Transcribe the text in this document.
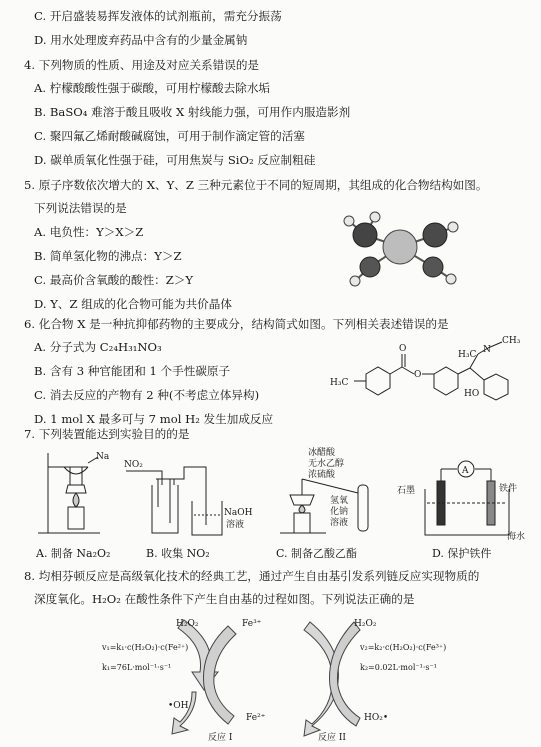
C. 开启盛装易挥发液体的试剂瓶前，需充分振荡
D. 用水处理废弃药品中含有的少量金属钠
4. 下列物质的性质、用途及对应关系错误的是
A. 柠檬酸酸性强于碳酸，可用柠檬酸去除水垢
B. BaSO₄ 难溶于酸且吸收 X 射线能力强，可用作内服造影剂
C. 聚四氟乙烯耐酸碱腐蚀，可用于制作滴定管的活塞
D. 碳单质氧化性强于硅，可用焦炭与 SiO₂ 反应制粗硅
5. 原子序数依次增大的 X、Y、Z 三种元素位于不同的短周期，其组成的化合物结构如图。
下列说法错误的是
A. 电负性：Y＞X＞Z
B. 简单氢化物的沸点：Y＞Z
C. 最高价含氧酸的酸性：Z＞Y
D. Y、Z 组成的化合物可能为共价晶体
6. 化合物 X 是一种抗抑郁药物的主要成分，结构简式如图。下列相关表述错误的是
A. 分子式为 C₂₄H₃₁NO₃
B. 含有 3 种官能团和 1 个手性碳原子
C. 消去反应的产物有 2 种(不考虑立体异构)
D. 1 mol X 最多可与 7 mol H₂ 发生加成反应
H₃C
O
O
H₃C N
CH₃
HO
7. 下列装置能达到实验目的的是
Na
A. 制备 Na₂O₂
NO₂
NaOH
溶液
B. 收集 NO₂
冰醋酸
无水乙醇
浓硫酸
氢氧
化钠
溶液
C. 制备乙酸乙酯
A
石墨	铁件
海水
D. 保护铁件
8. 均相芬顿反应是高级氧化技术的经典工艺，通过产生自由基引发系列链反应实现物质的
深度氧化。H₂O₂ 在酸性条件下产生自由基的过程如图。下列说法正确的是
H₂O₂	Fe³⁺
v₁=k₁·c(H₂O₂)·c(Fe²⁺)
k₁=76L·mol⁻¹·s⁻¹
•OH
Fe²⁺
反应 I
H₂O₂
v₂=k₂·c(H₂O₂)·c(Fe³⁺)
k₂=0.02L·mol⁻¹·s⁻¹
HO₂•
反应 II
